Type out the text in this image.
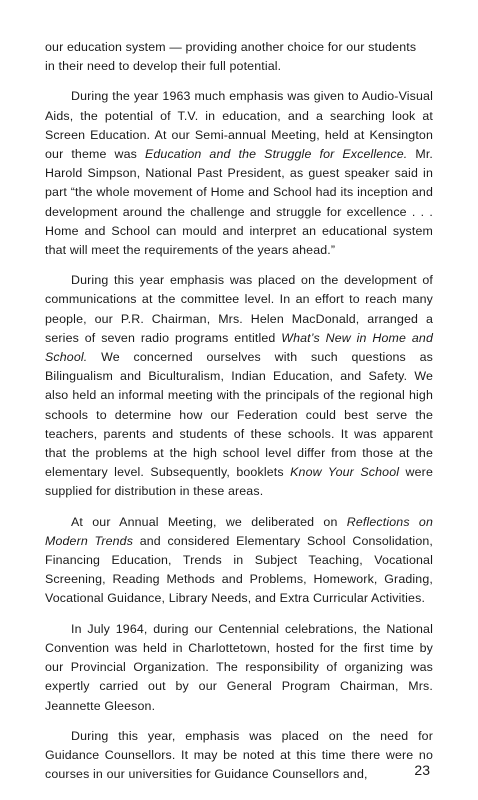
our education system — providing another choice for our students
in their need to develop their full potential.

During the year 1963 much emphasis was given to Audio-Visual Aids, the potential of T.V. in education, and a searching look at Screen Education. At our Semi-annual Meeting, held at Kensington our theme was Education and the Struggle for Excellence. Mr. Harold Simpson, National Past President, as guest speaker said in part “the whole movement of Home and School had its inception and development around the challenge and struggle for excellence . . . Home and School can mould and interpret an educational system that will meet the requirements of the years ahead.”

During this year emphasis was placed on the development of communications at the committee level. In an effort to reach many people, our P.R. Chairman, Mrs. Helen MacDonald, arranged a series of seven radio programs entitled What’s New in Home and School. We concerned ourselves with such questions as Bilingualism and Biculturalism, Indian Education, and Safety. We also held an informal meeting with the principals of the regional high schools to determine how our Federation could best serve the teachers, parents and students of these schools. It was apparent that the problems at the high school level differ from those at the elementary level. Subsequently, booklets Know Your School were supplied for distribution in these areas.

At our Annual Meeting, we deliberated on Reflections on Modern Trends and considered Elementary School Consolidation, Financing Education, Trends in Subject Teaching, Vocational Screening, Reading Methods and Problems, Homework, Grading, Vocational Guidance, Library Needs, and Extra Curricular Activities.

In July 1964, during our Centennial celebrations, the National Convention was held in Charlottetown, hosted for the first time by our Provincial Organization. The responsibility of organizing was expertly carried out by our General Program Chairman, Mrs. Jeannette Gleeson.

During this year, emphasis was placed on the need for Guidance Counsellors. It may be noted at this time there were no courses in our universities for Guidance Counsellors and,	23
